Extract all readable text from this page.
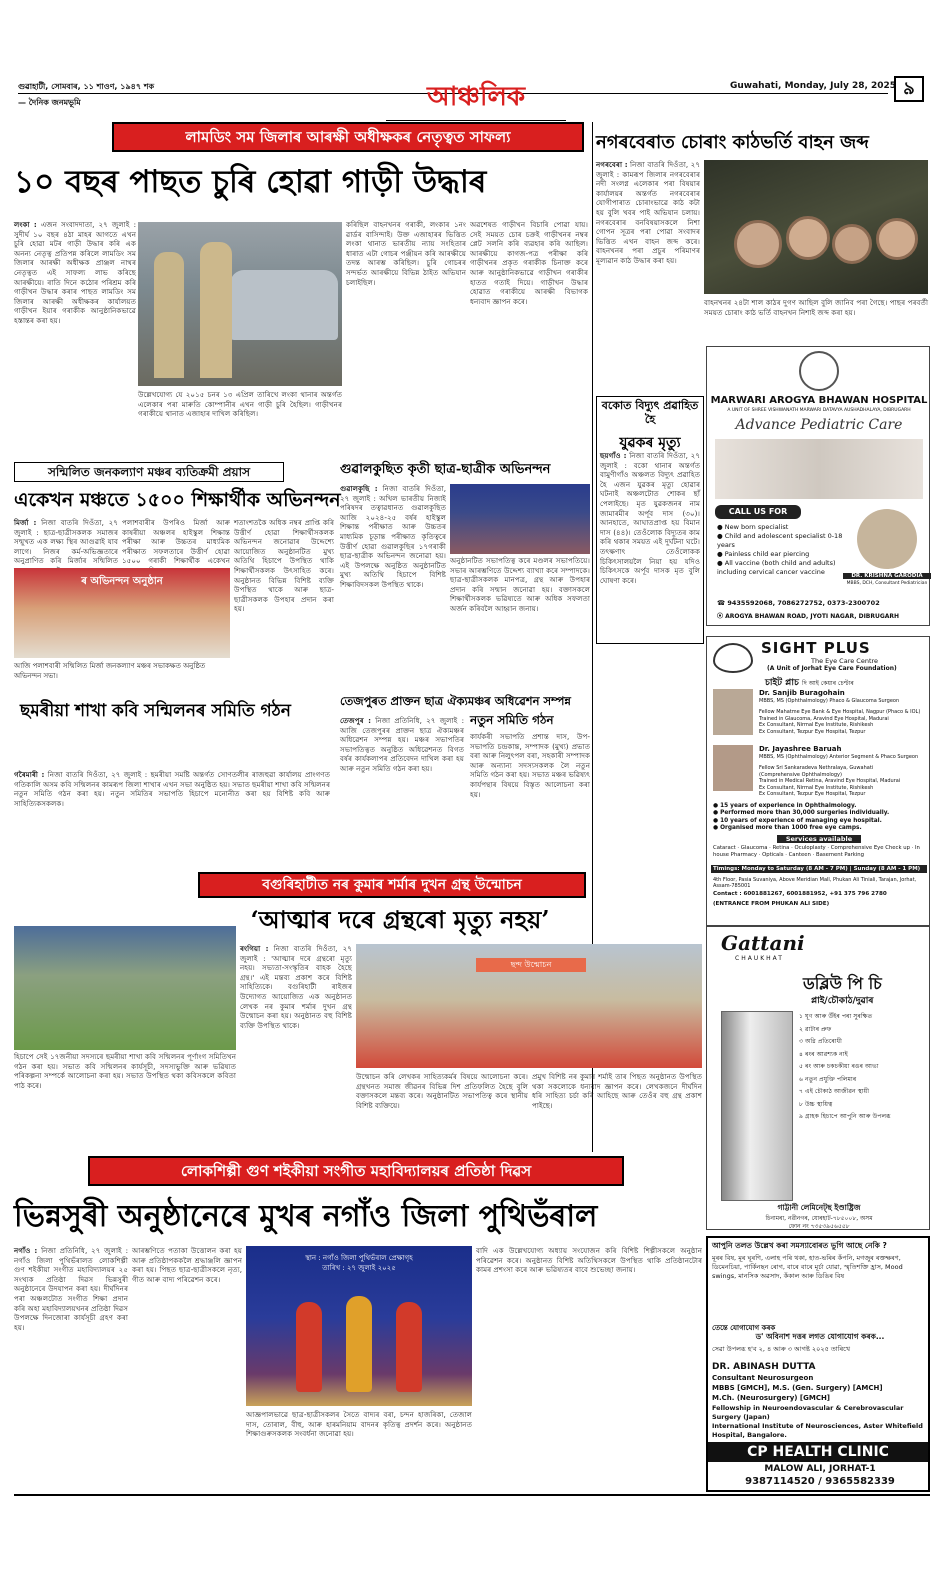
গুৱাহাটী, সোমবাৰ, ১১ শাওণ, ১৯৪৭ শক
— দৈনিক জনমভূমি	আঞ্চলিক	Guwahati, Monday, July 28, 2025 ৯
লামডিং সম জিলাৰ আৰক্ষী অধীক্ষকৰ নেতৃত্বত সাফল্য
১০ বছৰ পাছত চুৰি হোৱা গাড়ী উদ্ধাৰ
লংকা : এজন সংবাদদাতা, ২৭ জুলাই : সুদীৰ্ঘ ১০ বছৰ ৪ঠা মাহৰ আগতে এখন চুৰি হোৱা মটৰ গাড়ী উদ্ধাৰ কৰি এক অনন্য নেতৃত্ব প্ৰতিপন্ন কৰিলে লামডিং সম জিলাৰ আৰক্ষী অধীক্ষক প্ৰাঞ্জল নাথৰ নেতৃত্বত এই সাফল্য লাভ কৰিছে আৰক্ষীয়ে। ৰাতি দিনে কঠোৰ পৰিশ্ৰম কৰি গাড়ীখন উদ্ধাৰ কৰাৰ পাছত লামডিং সম জিলাৰ আৰক্ষী অধীক্ষকৰ কাৰ্যালয়ত গাড়ীখন ইয়াৰ গৰাকীক আনুষ্ঠানিকভাৱে হস্তান্তৰ কৰা হয়।
উল্লেখযোগ্য যে ২০১৫ চনৰ ১৩ এপ্ৰিল তাৰিখে লংকা থানাৰ অন্তৰ্গত এলেকাৰ পৰা মাৰুতি কোম্পানীৰ এখন গাড়ী চুৰি হৈছিল। গাড়ীখনৰ গৰাকীয়ে থানাত এজাহাৰ দাখিল কৰিছিল।
কৰিছিল বাহনখনৰ গৰাকী, লংকাৰ ১নং ৱাৰ্ডৰ বাসিন্দাই। উক্ত এজাহাৰৰ ভিত্তিত লংকা থানাত ভাৰতীয় ন্যায় সংহিতাৰ ধাৰাত এটা গোচৰ পঞ্জীয়ন কৰি আৰক্ষীয়ে তদন্ত আৰম্ভ কৰিছিল। চুৰি গোচৰৰ সন্দৰ্ভত আৰক্ষীয়ে বিভিন্ন ঠাইত অভিযান চলাইছিল।
অৱশেষত গাড়ীখন বিচাৰি পোৱা যায়। সেই সময়ত চোৰ চক্ৰই গাড়ীখনৰ নম্বৰ প্লেট সলনি কৰি ব্যৱহাৰ কৰি আছিল। আৰক্ষীয়ে কাগজ-পত্ৰ পৰীক্ষা কৰি গাড়ীখনৰ প্ৰকৃত গৰাকীক চিনাক্ত কৰে আৰু আনুষ্ঠানিকভাৱে গাড়ীখন গৰাকীৰ হাতত গতাই দিয়ে। গাড়ীখন উদ্ধাৰ হোৱাত গৰাকীয়ে আৰক্ষী বিভাগক ধন্যবাদ জ্ঞাপন কৰে।
নগৰবেৰাত চোৰাং কাঠভৰ্তি বাহন জব্দ
নগৰবেৰা : নিজা বাতৰি দিওঁতা, ২৭ জুলাই : কামৰূপ জিলাৰ নগৰবেৰাৰ নদী সংলগ্ন এলেকাৰ পৰা বিষয়াৰ কাৰ্যালয়ৰ অন্তৰ্গত নগৰবেৰাৰ যোগীপাৰাত চোৰাংভাৱে কাঠ কটা হয় বুলি খবৰ পাই অভিযান চলায়। নগৰবেৰাৰ বনবিষয়াসকলে নিশা গোপন সূত্ৰৰ পৰা পোৱা সংবাদৰ ভিত্তিত এখন বাহন জব্দ কৰে। বাহনখনৰ পৰা প্ৰচুৰ পৰিমাণৰ মূল্যৱান কাঠ উদ্ধাৰ কৰা হয়।
বাহনখনৰ ২৪টা শাল কাঠৰ দুগণ আছিল বুলি জানিব পৰা গৈছে। পাছৰ পৰবৰ্তী সময়ত চোৰাং কাঠ ভৰ্তি বাহনখন নিশাই জব্দ কৰা হয়।
MARWARI AROGYA BHAWAN HOSPITAL
A UNIT OF SHREE VISHWANATH MARWARI DATAVYA AUSHADHALAYA, DIBRUGARH
Advance Pediatric Care
CALL US FOR
● New born specialist
● Child and adolescent specialist 0-18 years
● Painless child ear piercing
● All vaccine (both child and adults) including cervical cancer vaccine	DR. KRISHNA GARODIA
MBBS, DCH, Consultant Pediatrician
☎ 9435592068, 7086272752, 0373-2300702
⦿ AROGYA BHAWAN ROAD, JYOTI NAGAR, DIBRUGARH
সন্মিলিত জনকল্যাণ মঞ্চৰ ব্যতিক্ৰমী প্ৰয়াস
একেখন মঞ্চতে ১৫০০ শিক্ষাৰ্থীক অভিনন্দন
মিৰ্জা : নিজা বাতৰি দিওঁতা, ২৭ জুলাই : ছাত্ৰ-ছাত্ৰীসকলক সমাজৰ সন্মুখত এক লক্ষ্য স্থিৰ আগুৱাই যাব লাগে। নিজৰ কৰ্ম-অভিজ্ঞতাৰে অনুপ্ৰাণিত কৰি মিৰ্জাৰ সন্মিলিত
পলাশবাৰীৰ উপৰিও মিৰ্জা আৰু কাষৰীয়া অঞ্চলৰ হাইস্কুল শিক্ষান্ত পৰীক্ষা আৰু উচ্চতৰ মাধ্যমিক পৰীক্ষাত সফলতাৰে উত্তীৰ্ণ হোৱা ১৫০০ গৰাকী শিক্ষাৰ্থীক একেখন
ৰ অভিনন্দন অনুষ্ঠান
আজি পলাশবাৰী সন্মিলিত মিৰ্জা জনকল্যাণ মঞ্চৰ সভাকক্ষত অনুষ্ঠিত অভিনন্দন সভা।
শতাংশতকৈ অধিক নম্বৰ প্ৰাপ্তি কৰি উত্তীৰ্ণ হোৱা শিক্ষাৰ্থীসকলক অভিনন্দন জনোৱাৰ উদ্দেশ্যে আয়োজিত অনুষ্ঠানটিত মুখ্য অতিথি হিচাপে উপস্থিত থাকি শিক্ষাৰ্থীসকলক উৎসাহিত কৰে। অনুষ্ঠানত বিভিন্ন বিশিষ্ট ব্যক্তি উপস্থিত থাকে আৰু ছাত্ৰ-ছাত্ৰীসকলক উপহাৰ প্ৰদান কৰা হয়।
গুৱালকুছিত কৃতী ছাত্ৰ-ছাত্ৰীক অভিনন্দন
গুৱালকুছি : নিজা বাতৰি দিওঁতা, ২৭ জুলাই : অখিল ভাৰতীয় নিজাই পৰিষদৰ তত্বাৱধানত গুৱালকুছিত আজি ২০২৪-২৫ বৰ্ষৰ হাইস্কুল শিক্ষান্ত পৰীক্ষাত আৰু উচ্চতৰ মাধ্যমিক চূড়ান্ত পৰীক্ষাত কৃতিত্বৰে উত্তীৰ্ণ হোৱা গুৱালকুছিৰ ১৭গৰাকী ছাত্ৰ-ছাত্ৰীক অভিনন্দন জনোৱা হয়। এই উপলক্ষে অনুষ্ঠিত অনুষ্ঠানটিত মুখ্য অতিথি হিচাপে বিশিষ্ট শিক্ষাবিদসকল উপস্থিত থাকে।
অনুষ্ঠানটিত সভাপতিত্ব কৰে মণ্ডলৰ সভাপতিয়ে। সভাৰ আৰম্ভণিতে উদ্দেশ্য ব্যাখ্যা কৰে সম্পাদকে। ছাত্ৰ-ছাত্ৰীসকলক মানপত্ৰ, গ্ৰন্থ আৰু উপহাৰ প্ৰদান কৰি সন্মান জনোৱা হয়। বক্তাসকলে শিক্ষাৰ্থীসকলক ভৱিষ্যতে আৰু অধিক সফলতা অৰ্জন কৰিবলৈ আহ্বান জনায়।
বকোত বিদ্যুৎ প্ৰৱাহিত হৈ
যুৱকৰ মৃত্যু
ছয়গাঁও : নিজা বাতৰি দিওঁতা, ২৭ জুলাই : বকো থানাৰ অন্তৰ্গত বামুণীগাঁও অঞ্চলত বিদ্যুৎ প্ৰৱাহিত হৈ এজন যুৱকৰ মৃত্যু হোৱাৰ ঘটনাই অঞ্চলটোত শোকৰ ছাঁ পেলাইছে। মৃত যুৱকজনৰ নাম জামাৰমীৰ অৰ্পূব দাস (৩০)। আনহাতে, আঘাতপ্ৰাপ্ত হয় বিমান দাস (৪৪)। তেওঁলোক বিদ্যুতৰ কাম কৰি থকাৰ সময়ত এই দুৰ্ঘটনা ঘটে। তৎক্ষণাৎ তেওঁলোকক চিকিৎসালয়লৈ নিয়া হয় যদিও চিকিৎসকে অৰ্পূব দাসক মৃত বুলি ঘোষণা কৰে।
তেজপুৰত প্ৰাক্তন ছাত্ৰ ঐক্যমঞ্চৰ অধিৱেশন সম্পন্ন
তেজপুৰ : নিজা প্ৰতিনিধি, ২৭ জুলাই : আজি তেজপুৰৰ প্ৰাক্তন ছাত্ৰ ঐক্যমঞ্চৰ অধিৱেশন সম্পন্ন হয়। মঞ্চৰ সভাপতিৰ সভাপতিত্বত অনুষ্ঠিত অধিৱেশনত বিগত বৰ্ষৰ কাৰ্যকলাপৰ প্ৰতিবেদন দাখিল কৰা হয় আৰু নতুন সমিতি গঠন কৰা হয়।
নতুন সমিতি গঠন
কাৰ্যকৰী সভাপতি প্ৰশান্ত দাস, উপ-সভাপতি চন্দ্ৰকান্ত, সম্পাদক (মুখ্য) প্ৰভাত বৰা আৰু নিলুৎপল বৰা, সহকাৰী সম্পাদক আৰু অন্যান্য সদস্যসকলক লৈ নতুন সমিতি গঠন কৰা হয়। সভাত মঞ্চৰ ভৱিষ্যৎ কাৰ্যপন্থাৰ বিষয়ে বিস্তৃত আলোচনা কৰা হয়।
ছমৰীয়া শাখা কবি সন্মিলনৰ সমিতি গঠন
গৰৈমাৰী : নিজা বাতৰি দিওঁতা, ২৭ জুলাই : ছমৰীয়া সমষ্টি অন্তৰ্গত সোণতলীৰ ৰাজহুৱা কাৰ্যালয় প্ৰাংগণত গতিকালি অসম কবি সন্মিলনৰ কামৰূপ জিলা শাখাৰ এখন সভা অনুষ্ঠিত হয়। সভাত ছমৰীয়া শাখা কবি সন্মিলনৰ নতুন সমিতি গঠন কৰা হয়। নতুন সমিতিৰ সভাপতি হিচাপে মনোনীত কৰা হয় বিশিষ্ট কবি আৰু সাহিত্যিকসকলক।
SIGHT PLUS
The Eye Care Centre
(A Unit of Jorhat Eye Care Foundation)
চাইট প্লাচ দি আই কেয়াৰ চেণ্টাৰ
Dr. Sanjib Buragohain
MBBS, MS (Ophthalmology) Phaco & Glaucoma Surgeon
Fellow Mahatme Eye Bank & Eye Hospital, Nagpur (Phaco & IOL)
Trained in Glaucoma, Aravind Eye Hospital, Madurai
Ex Consultant, Nirmal Eye Institute, Rishikesh
Ex Consultant, Tezpur Eye Hospital, Tezpur
Dr. Jayashree Baruah
MBBS, MS (Ophthalmology) Anterior Segment & Phaco Surgeon
Fellow Sri Sankaradeva Nethralaya, Guwahati
(Comprehensive Ophthalmology)
Trained in Medical Retina, Aravind Eye Hospital, Madurai
Ex Consultant, Nirmal Eye Institute, Rishikesh
Ex Consultant, Tezpur Eye Hospital, Tezpur
● 15 years of experience in Ophthalmology.
● Performed more than 30,000 surgeries individually.
● 10 years of experience of managing eye hospital.
● Organised more than 1000 free eye camps.
Services available
Cataract · Glaucoma · Retina · Oculoplasty · Comprehensive Eye Check up · In house Pharmacy · Opticals · Canteen · Basement Parking
Timings: Monday to Saturday (8 AM - 7 PM) | Sunday (8 AM - 1 PM)
4th Floor, Pasia Suvaniya, Above Meridian Mall, Phukan Ali Tiniali, Tarajan, Jorhat, Assam-785001
Contact : 6001881267, 6001881952, +91 375 796 2780
(ENTRANCE FROM PHUKAN ALI SIDE)
বগুৰিহাটীত নৰ কুমাৰ শৰ্মাৰ দুখন গ্ৰন্থ উন্মোচন
‘আত্মাৰ দৰে গ্ৰন্থৰো মৃত্যু নহয়’
হিচাপে সেই ১৭জনীয়া সদস্যৰে ছমৰীয়া শাখা কবি সন্মিলনৰ পূৰ্ণাংগ সমিতিখন গঠন কৰা হয়। সভাত কবি সন্মিলনৰ কাৰ্যসূচী, সদস্যভুক্তি আৰু ভৱিষ্যত পৰিকল্পনা সম্পৰ্কে আলোচনা কৰা হয়। সভাত উপস্থিত থকা কবিসকলে কবিতা পাঠ কৰে।
ৰংগিয়া : নিজা বাতৰি দিওঁতা, ২৭ জুলাই : 'আত্মাৰ দৰে গ্ৰন্থৰো মৃত্যু নহয়। সভ্যতা-সংস্কৃতিৰ বাহক হৈছে গ্ৰন্থ।' এই মন্তব্য প্ৰকাশ কৰে বিশিষ্ট সাহিত্যিকে। বগুৰিহাটী ৰাইজৰ উদ্যোগত আয়োজিত এক অনুষ্ঠানত লেখক নৰ কুমাৰ শৰ্মাৰ দুখন গ্ৰন্থ উন্মোচন কৰা হয়। অনুষ্ঠানত বহু বিশিষ্ট ব্যক্তি উপস্থিত থাকে।
ছন্দ উন্মোচন
উন্মোচন কৰি লেখকৰ সাহিত্যকৰ্মৰ বিষয়ে আলোচনা কৰে। গ্ৰন্থখনত সমাজ জীৱনৰ বিভিন্ন দিশ প্ৰতিফলিত হৈছে বুলি বক্তাসকলে মন্তব্য কৰে। অনুষ্ঠানটিত সভাপতিত্ব কৰে স্থানীয় বিশিষ্ট ব্যক্তিয়ে।
প্ৰমুখ বিশিষ্ট নৰ কুমাৰ শৰ্মাই তাৰ পিছত অনুষ্ঠানত উপস্থিত থকা সকলোকে ধন্যবাদ জ্ঞাপন কৰে। লেখকজনে দীৰ্ঘদিন ধৰি সাহিত্য চৰ্চা কৰি আহিছে আৰু তেওঁৰ বহু গ্ৰন্থ প্ৰকাশ পাইছে।
Gattani
CHAUKHAT
ডব্লিউ পি চি
প্লাই/চৌকাঠ/দুৱাৰ
১ ঘূণ আৰু উঁইৰ পৰা সুৰক্ষিত
২ ৱাটাৰ প্ৰুফ
৩ অগ্নি প্ৰতিৰোধী
৪ ৰংৰ আৱশ্যক নাই
৫ ৰং আৰু চকচকীয়া ৰঙৰ আভা
৬ নতুন প্ৰযুক্তি পলিমাৰ
৭ এই চৌকাঠ আজীৱন স্থায়ী
৮ উচ্চ স্থায়িত্ব
৯ গ্ৰাহক হিচাপে আপুনি আৰু উপলব্ধ
গাট্টানী লেমিনেট্‌ছ ইণ্ডাষ্ট্ৰিজ
চিনামৰা, নৱীনগৰ, যোৰহাট-৭৮৫০০৮, অসম
ফোন নং ৭৩৫৩৯৫৬৫৫৮
লোকশিল্পী গুণ শইকীয়া সংগীত মহাবিদ্যালয়ৰ প্ৰতিষ্ঠা দিৱস
ভিন্নসুৰী অনুষ্ঠানেৰে মুখৰ নগাঁও জিলা পুথিভঁৰাল
নগাঁও : নিজা প্ৰতিনিধি, ২৭ জুলাই : নগাঁও জিলা পুথিভঁৰালত লোকশিল্পী গুণ শইকীয়া সংগীত মহাবিদ্যালয়ৰ ২৫ সংখ্যক প্ৰতিষ্ঠা দিৱস ভিন্নসুৰী অনুষ্ঠানেৰে উদযাপন কৰা হয়। দীৰ্ঘদিনৰ পৰা অঞ্চলটোত সংগীত শিক্ষা প্ৰদান কৰি অহা মহাবিদ্যালয়খনৰ প্ৰতিষ্ঠা দিৱস উপলক্ষে দিনজোৰা কাৰ্যসূচী গ্ৰহণ কৰা হয়।
আৰম্ভণিতে পতাকা উত্তোলন কৰা হয় আৰু প্ৰতিষ্ঠাপককলৈ শ্ৰদ্ধাঞ্জলি জ্ঞাপন কৰা হয়। পিছত ছাত্ৰ-ছাত্ৰীসকলে নৃত্য, গীত আৰু বাদ্য পৰিৱেশন কৰে।
স্থান : নগাঁও জিলা পুথিভঁৰাল প্ৰেক্ষাগৃহ
তাৰিখ : ২৭ জুলাই ২০২৫
আজ্ঞপালভাৱে ছাত্ৰ-ছাত্ৰীসকলৰ সৈতে বাদ্যৰ বৰা, চন্দন হাজৰিকা, তেজাল দাস, তোৰাল, বীহু, আৰু হাৰমনিয়াম বাদনৰ কৃতিত্ব প্ৰদৰ্শন কৰে। অনুষ্ঠানত শিক্ষাগুৰুসকলক সংবৰ্ধনা জনোৱা হয়।
বাদি এক উল্লেখযোগ্য অধ্যায় সংযোজন কৰি বিশিষ্ট শিল্পীসকলে অনুষ্ঠান পৰিৱেশন কৰে। অনুষ্ঠানত বিশিষ্ট অতিথিসকলে উপস্থিত থাকি প্ৰতিষ্ঠানটোৰ কামৰ প্ৰশংসা কৰে আৰু ভৱিষ্যতৰ বাবে শুভেচ্ছা জনায়।
আপুনি তলত উল্লেখ কৰা সমস্যাবোৰত ভুগি আছে নেকি ?
মূৰৰ বিষ, মূৰ ঘূৰণি, এলাহ পৰি থকা, হাত-ভৰিৰ কঁপনি, মগজুৰ ৰক্তক্ষৰণ, ডিমেনচিয়া, পাৰ্কিনছন ৰোগ, বাৰে বাৰে মূৰ্চা যোৱা, স্মৃতিশক্তি হ্ৰাস, Mood swings, মানসিক অৱসাদ, কঁকাল আৰু ডিঙিৰ বিষ
তেন্তে যোগাযোগ কৰক
ড' অবিনাশ দত্তৰ লগত যোগাযোগ কৰক...
সেৱা উপলব্ধ হ'ব ২, ৪ আৰু ৩ আগষ্ট ২০২৫ তাৰিখে
DR. ABINASH DUTTA
Consultant Neurosurgeon
MBBS [GMCH], M.S. (Gen. Surgery) [AMCH]
M.Ch. (Neurosurgery) [GMCH]
Fellowship in Neuroendovascular & Cerebrovascular Surgery (Japan)
International Institute of Neurosciences, Aster Whitefield Hospital, Bangalore.
CP HEALTH CLINIC
MALOW ALI, JORHAT-1
9387114520 / 9365582339
